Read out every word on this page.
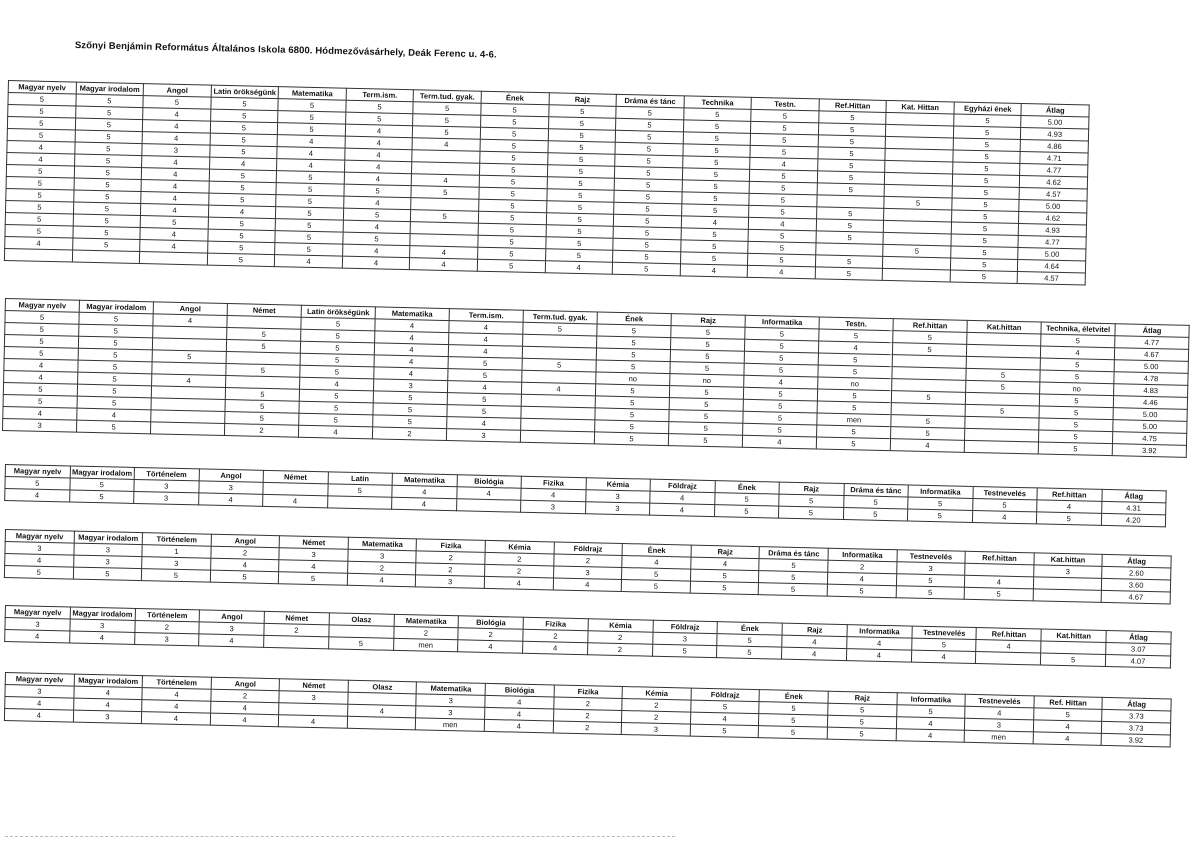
Szőnyi Benjámin Református Általános Iskola 6800. Hódmezővásárhely, Deák Ferenc u. 4-6.
Magyar nyelv	Magyar irodalom	Angol	Latin örökségünk	Matematika	Term.ism.	Term.tud. gyak.	Ének	Rajz	Dráma és tánc	Technika	Testn.	Ref.Hittan	Kat. Hittan	Egyházi ének	Átlag
5	5	5	5	5	5	5	5	5	5	5	5	5		5	5.00
5	5	4	5	5	5	5	5	5	5	5	5	5		5	4.93
5	5	4	5	5	4	5	5	5	5	5	5	5		5	4.86
5	5	4	5	4	4	4	5	5	5	5	5	5		5	4.71
4	5	3	5	4	4		5	5	5	5	4	5		5	4.77
4	5	4	4	4	4		5	5	5	5	5	5		5	4.62
5	5	4	5	5	4	4	5	5	5	5	5	5		5	4.57
5	5	4	5	5	5	5	5	5	5	5	5		5	5	5.00
5	5	4	5	5	4		5	5	5	5	5	5		5	4.62
5	5	4	4	5	5	5	5	5	5	4	4	5		5	4.93
5	5	5	5	5	4		5	5	5	5	5	5		5	4.77
5	5	4	5	5	5		5	5	5	5	5		5	5	5.00
4	5	4	5	5	4	4	5	5	5	5	5	5		5	4.64
			5	4	4	4	5	4	5	4	4	5		5	4.57
Magyar nyelv	Magyar irodalom	Angol	Német	Latin örökségünk	Matematika	Term.ism.	Term.tud. gyak.	Ének	Rajz	Informatika	Testn.	Ref.hittan	Kat.hittan	Technika, életvitel	Átlag
5	5	4		5	4	4	5	5	5	5	5	5		5	4.77
5	5		5	5	4	4		5	5	5	4	5		4	4.67
5	5		5	5	4	4		5	5	5	5			5	5.00
5	5	5		5	4	5	5	5	5	5	5		5	5	4.78
4	5		5	5	4	5		no	no	4	no		5	no	4.83
4	5	4		4	3	4	4	5	5	5	5	5		5	4.46
5	5		5	5	5	5		5	5	5	5		5	5	5.00
5	5		5	5	5	5		5	5	5	men	5		5	5.00
4	4		5	5	5	4		5	5	5	5	5		5	4.75
3	5		2	4	2	3		5	5	4	5	4		5	3.92
Magyar nyelv	Magyar irodalom	Történelem	Angol	Német	Latin	Matematika	Biológia	Fizika	Kémia	Földrajz	Ének	Rajz	Dráma és tánc	Informatika	Testnevelés	Ref.hittan	Átlag
5	5	3	3		5	4	4	4	3	4	5	5	5	5	5	4	4.31
4	5	3	4	4		4		3	3	4	5	5	5	5	4	5	4.20
Magyar nyelv	Magyar irodalom	Történelem	Angol	Német	Matematika	Fizika	Kémia	Földrajz	Ének	Rajz	Dráma és tánc	Informatika	Testnevelés	Ref.hittan	Kat.hittan	Átlag
3	3	1	2	3	3	2	2	2	4	4	5	2	3		3	2.60
4	3	3	4	4	2	2	2	3	5	5	5	4	5	4		3.60
5	5	5	5	5	4	3	4	4	5	5	5	5	5	5		4.67
Magyar nyelv	Magyar irodalom	Történelem	Angol	Német	Olasz	Matematika	Biológia	Fizika	Kémia	Földrajz	Ének	Rajz	Informatika	Testnevelés	Ref.hittan	Kat.hittan	Átlag
3	3	2	3	2		2	2	2	2	3	5	4	4	5	4		3.07
4	4	3	4		5	men	4	4	2	5	5	4	4	4		5	4.07
Magyar nyelv	Magyar irodalom	Történelem	Angol	Német	Olasz	Matematika	Biológia	Fizika	Kémia	Földrajz	Ének	Rajz	Informatika	Testnevelés	Ref. Hittan	Átlag
3	4	4	2	3		3	4	2	2	5	5	5	5	4	5	3.73
4	4	4	4		4	3	4	2	2	4	5	5	4	3	4	3.73
4	3	4	4	4		men	4	2	3	5	5	5	4	men	4	3.92
